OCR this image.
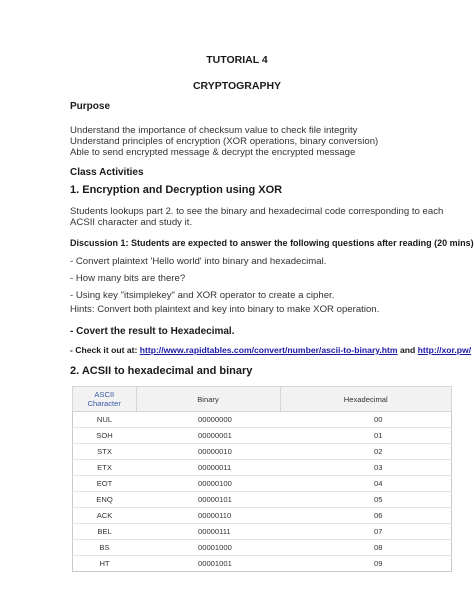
TUTORIAL 4
CRYPTOGRAPHY
Purpose
Understand the importance of checksum value to check file integrity
Understand principles of encryption (XOR operations, binary conversion)
Able to send encrypted message & decrypt the encrypted message
Class Activities
1. Encryption and Decryption using XOR
Students lookups part 2. to see the binary and hexadecimal code corresponding to each
ACSII character and study it.
Discussion 1: Students are expected to answer the following questions after reading (20 mins)
- Convert plaintext 'Hello world' into binary and hexadecimal.
- How many bits are there?
- Using key "itsimplekey" and XOR operator to create a cipher.
Hints: Convert both plaintext and key into binary to make XOR operation.
- Covert the result to Hexadecimal.
- Check it out at: http://www.rapidtables.com/convert/number/ascii-to-binary.htm and http://xor.pw/
2. ACSII to hexadecimal and binary
ASCII
Character	Binary	Hexadecimal
NUL	00000000	00
SOH	00000001	01
STX	00000010	02
ETX	00000011	03
EOT	00000100	04
ENQ	00000101	05
ACK	00000110	06
BEL	00000111	07
BS	00001000	08
HT	00001001	09
